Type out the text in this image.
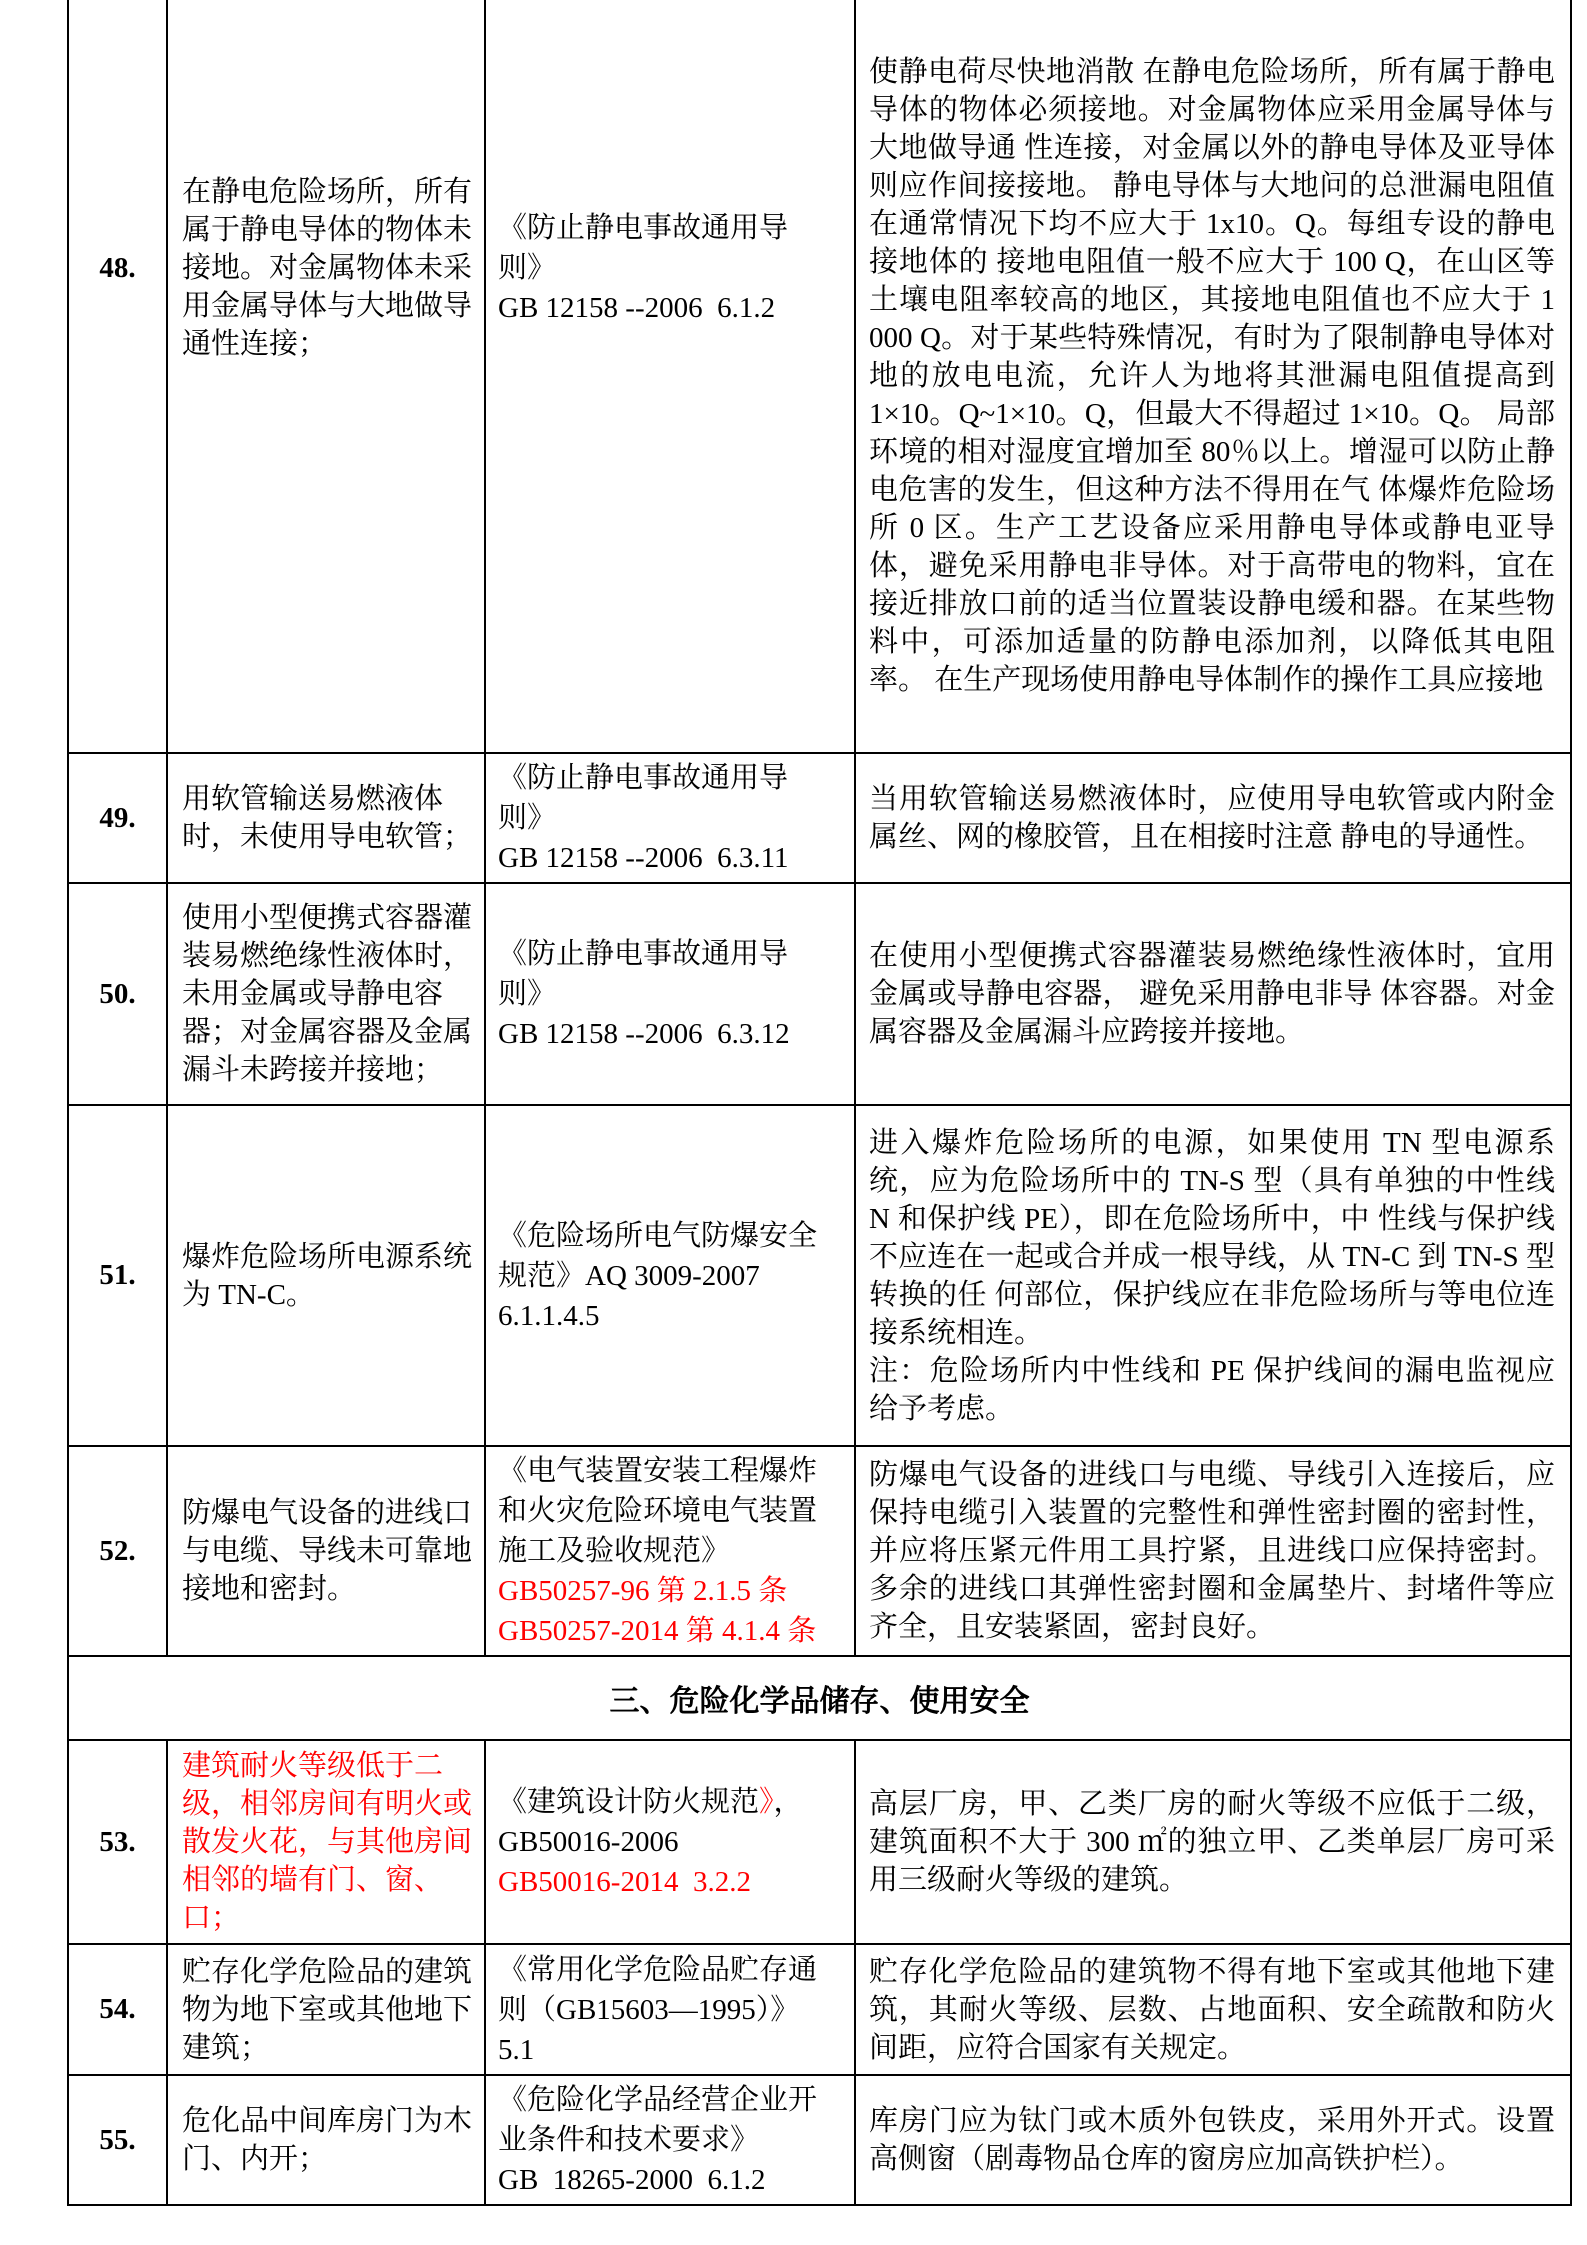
48.	在静电危险场所，所有属于静电导体的物体未接地。对金属物体未采用金属导体与大地做导通性连接；	《防止静电事故通用导则》
GB 12158 --2006  6.1.2	使静电荷尽快地消散 在静电危险场所，所有属于静电导体的物体必须接地。对金属物体应采用金属导体与大地做导通 性连接，对金属以外的静电导体及亚导体则应作间接接地。 静电导体与大地问的总泄漏电阻值在通常情况下均不应大于 1x10。Q。每组专设的静电接地体的 接地电阻值一般不应大于 100 Q，在山区等土壤电阻率较高的地区，其接地电阻值也不应大于 1 000 Q。对于某些特殊情况，有时为了限制静电导体对地的放电电流，允许人为地将其泄漏电阻值提高到 1×10。Q~1×10。Q，但最大不得超过 1×10。Q。 局部环境的相对湿度宜增加至 80％以上。增湿可以防止静电危害的发生，但这种方法不得用在气 体爆炸危险场所 0 区。生产工艺设备应采用静电导体或静电亚导体，避免采用静电非导体。对于高带电的物料，宜在接近排放口前的适当位置装设静电缓和器。在某些物料中，可添加适量的防静电添加剂，以降低其电阻率。 在生产现场使用静电导体制作的操作工具应接地

49.	用软管输送易燃液体时，未使用导电软管；	《防止静电事故通用导则》
GB 12158 --2006  6.3.11	当用软管输送易燃液体时，应使用导电软管或内附金属丝、网的橡胶管，且在相接时注意 静电的导通性。

50.	使用小型便携式容器灌装易燃绝缘性液体时，未用金属或导静电容器；对金属容器及金属漏斗未跨接并接地；	《防止静电事故通用导则》
GB 12158 --2006  6.3.12	在使用小型便携式容器灌装易燃绝缘性液体时，宜用金属或导静电容器， 避免采用静电非导 体容器。对金属容器及金属漏斗应跨接并接地。

51.	爆炸危险场所电源系统为 TN-C。	《危险场所电气防爆安全规范》AQ 3009-2007
6.1.1.4.5	进入爆炸危险场所的电源，如果使用 TN 型电源系统，应为危险场所中的 TN-S 型（具有单独的中性线 N 和保护线 PE），即在危险场所中，中 性线与保护线不应连在一起或合并成一根导线，从 TN-C 到 TN-S 型转换的任 何部位，保护线应在非危险场所与等电位连接系统相连。
注：危险场所内中性线和 PE 保护线间的漏电监视应给予考虑。

52.	防爆电气设备的进线口与电缆、导线未可靠地接地和密封。	《电气装置安装工程爆炸和火灾危险环境电气装置施工及验收规范》GB50257-96 第 2.1.5 条　GB50257-2014 第 4.1.4 条	防爆电气设备的进线口与电缆、导线引入连接后，应保持电缆引入装置的完整性和弹性密封圈的密封性，并应将压紧元件用工具拧紧，且进线口应保持密封。多余的进线口其弹性密封圈和金属垫片、封堵件等应齐全，且安装紧固，密封良好。

三、危险化学品储存、使用安全			

53.	建筑耐火等级低于二级，相邻房间有明火或散发火花，与其他房间相邻的墙有门、窗、口；	《建筑设计防火规范》，
GB50016-2006
GB50016-2014  3.2.2	高层厂房，甲、乙类厂房的耐火等级不应低于二级，建筑面积不大于 300 ㎡的独立甲、乙类单层厂房可采用三级耐火等级的建筑。

54.	贮存化学危险品的建筑物为地下室或其他地下建筑；	《常用化学危险品贮存通则（GB15603—1995）》
5.1	贮存化学危险品的建筑物不得有地下室或其他地下建筑，其耐火等级、层数、占地面积、安全疏散和防火间距，应符合国家有关规定。

55.	危化品中间库房门为木门、内开；	《危险化学品经营企业开业条件和技术要求》
GB  18265-2000  6.1.2	库房门应为钛门或木质外包铁皮，采用外开式。设置高侧窗（剧毒物品仓库的窗房应加高铁护栏）。
